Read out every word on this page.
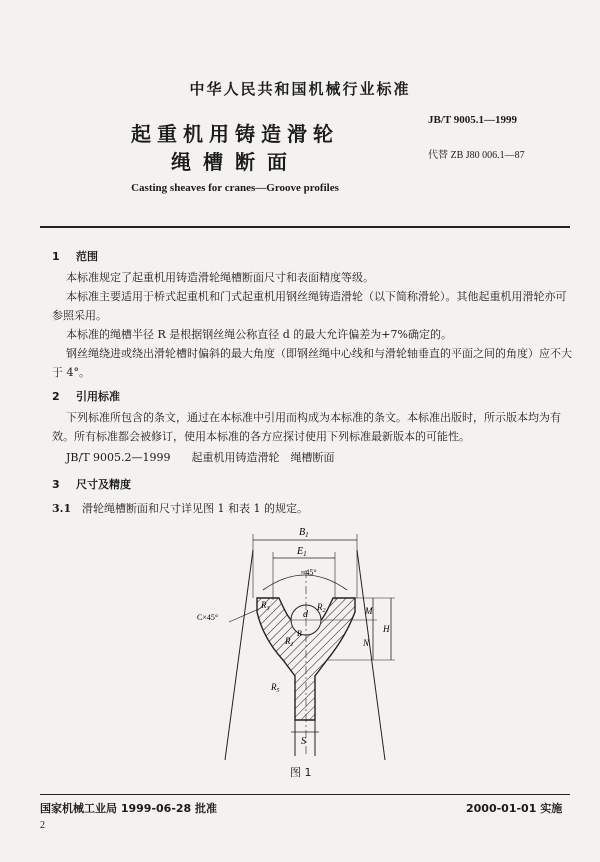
中华人民共和国机械行业标准
JB/T 9005.1—1999
起重机用铸造滑轮
绳槽断面	代替 ZB J80 006.1—87
Casting sheaves for cranes—Groove profiles
1 范围
本标准规定了起重机用铸造滑轮绳槽断面尺寸和表面精度等级。
本标准主要适用于桥式起重机和门式起重机用钢丝绳铸造滑轮（以下简称滑轮）。其他起重机用滑轮亦可参照采用。
本标准的绳槽半径 R 是根据钢丝绳公称直径 d 的最大允许偏差为+7%确定的。
钢丝绳绕进或绕出滑轮槽时偏斜的最大角度（即钢丝绳中心线和与滑轮轴垂直的平面之间的角度）应不大于 4°。
2 引用标准
下列标准所包含的条文，通过在本标准中引用而构成为本标准的条文。本标准出版时，所示版本均为有效。所有标准都会被修订，使用本标准的各方应探讨使用下列标准最新版本的可能性。
JB/T 9005.2—1999 起重机用铸造滑轮　绳槽断面
3 尺寸及精度
3.1 滑轮绳槽断面和尺寸详见图 1 和表 1 的规定。
$B_1$
$E_1$
≈45°
d
S
$R_3$	$R_2$
$R_1$
$R_5$
R
C×45°
M
H
N
图 1
国家机械工业局 1999-06-28 批准	2000-01-01 实施
2
